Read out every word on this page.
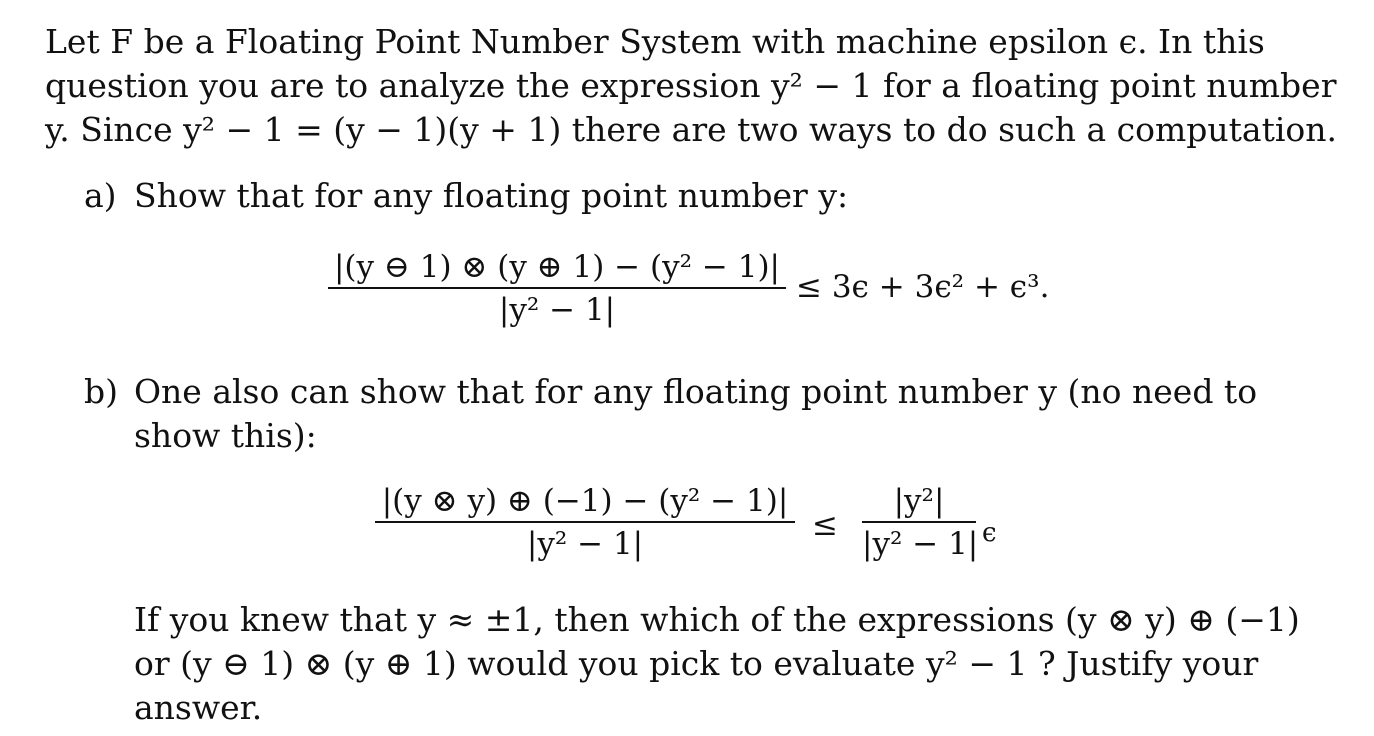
Let F be a Floating Point Number System with machine epsilon ϵ. In this
question you are to analyze the expression y² − 1 for a floating point number
y. Since y² − 1 = (y − 1)(y + 1) there are two ways to do such a computation.
a) Show that for any floating point number y:
|(y ⊖ 1) ⊗ (y ⊕ 1) − (y² − 1)|
|y² − 1|
≤ 3ϵ + 3ϵ² + ϵ³.
b) One also can show that for any floating point number y (no need to
show this):
|(y ⊗ y) ⊕ (−1) − (y² − 1)|
|y² − 1|
≤
|y²|
|y² − 1| ϵ
If you knew that y ≈ ±1, then which of the expressions (y ⊗ y) ⊕ (−1)
or (y ⊖ 1) ⊗ (y ⊕ 1) would you pick to evaluate y² − 1 ? Justify your
answer.
